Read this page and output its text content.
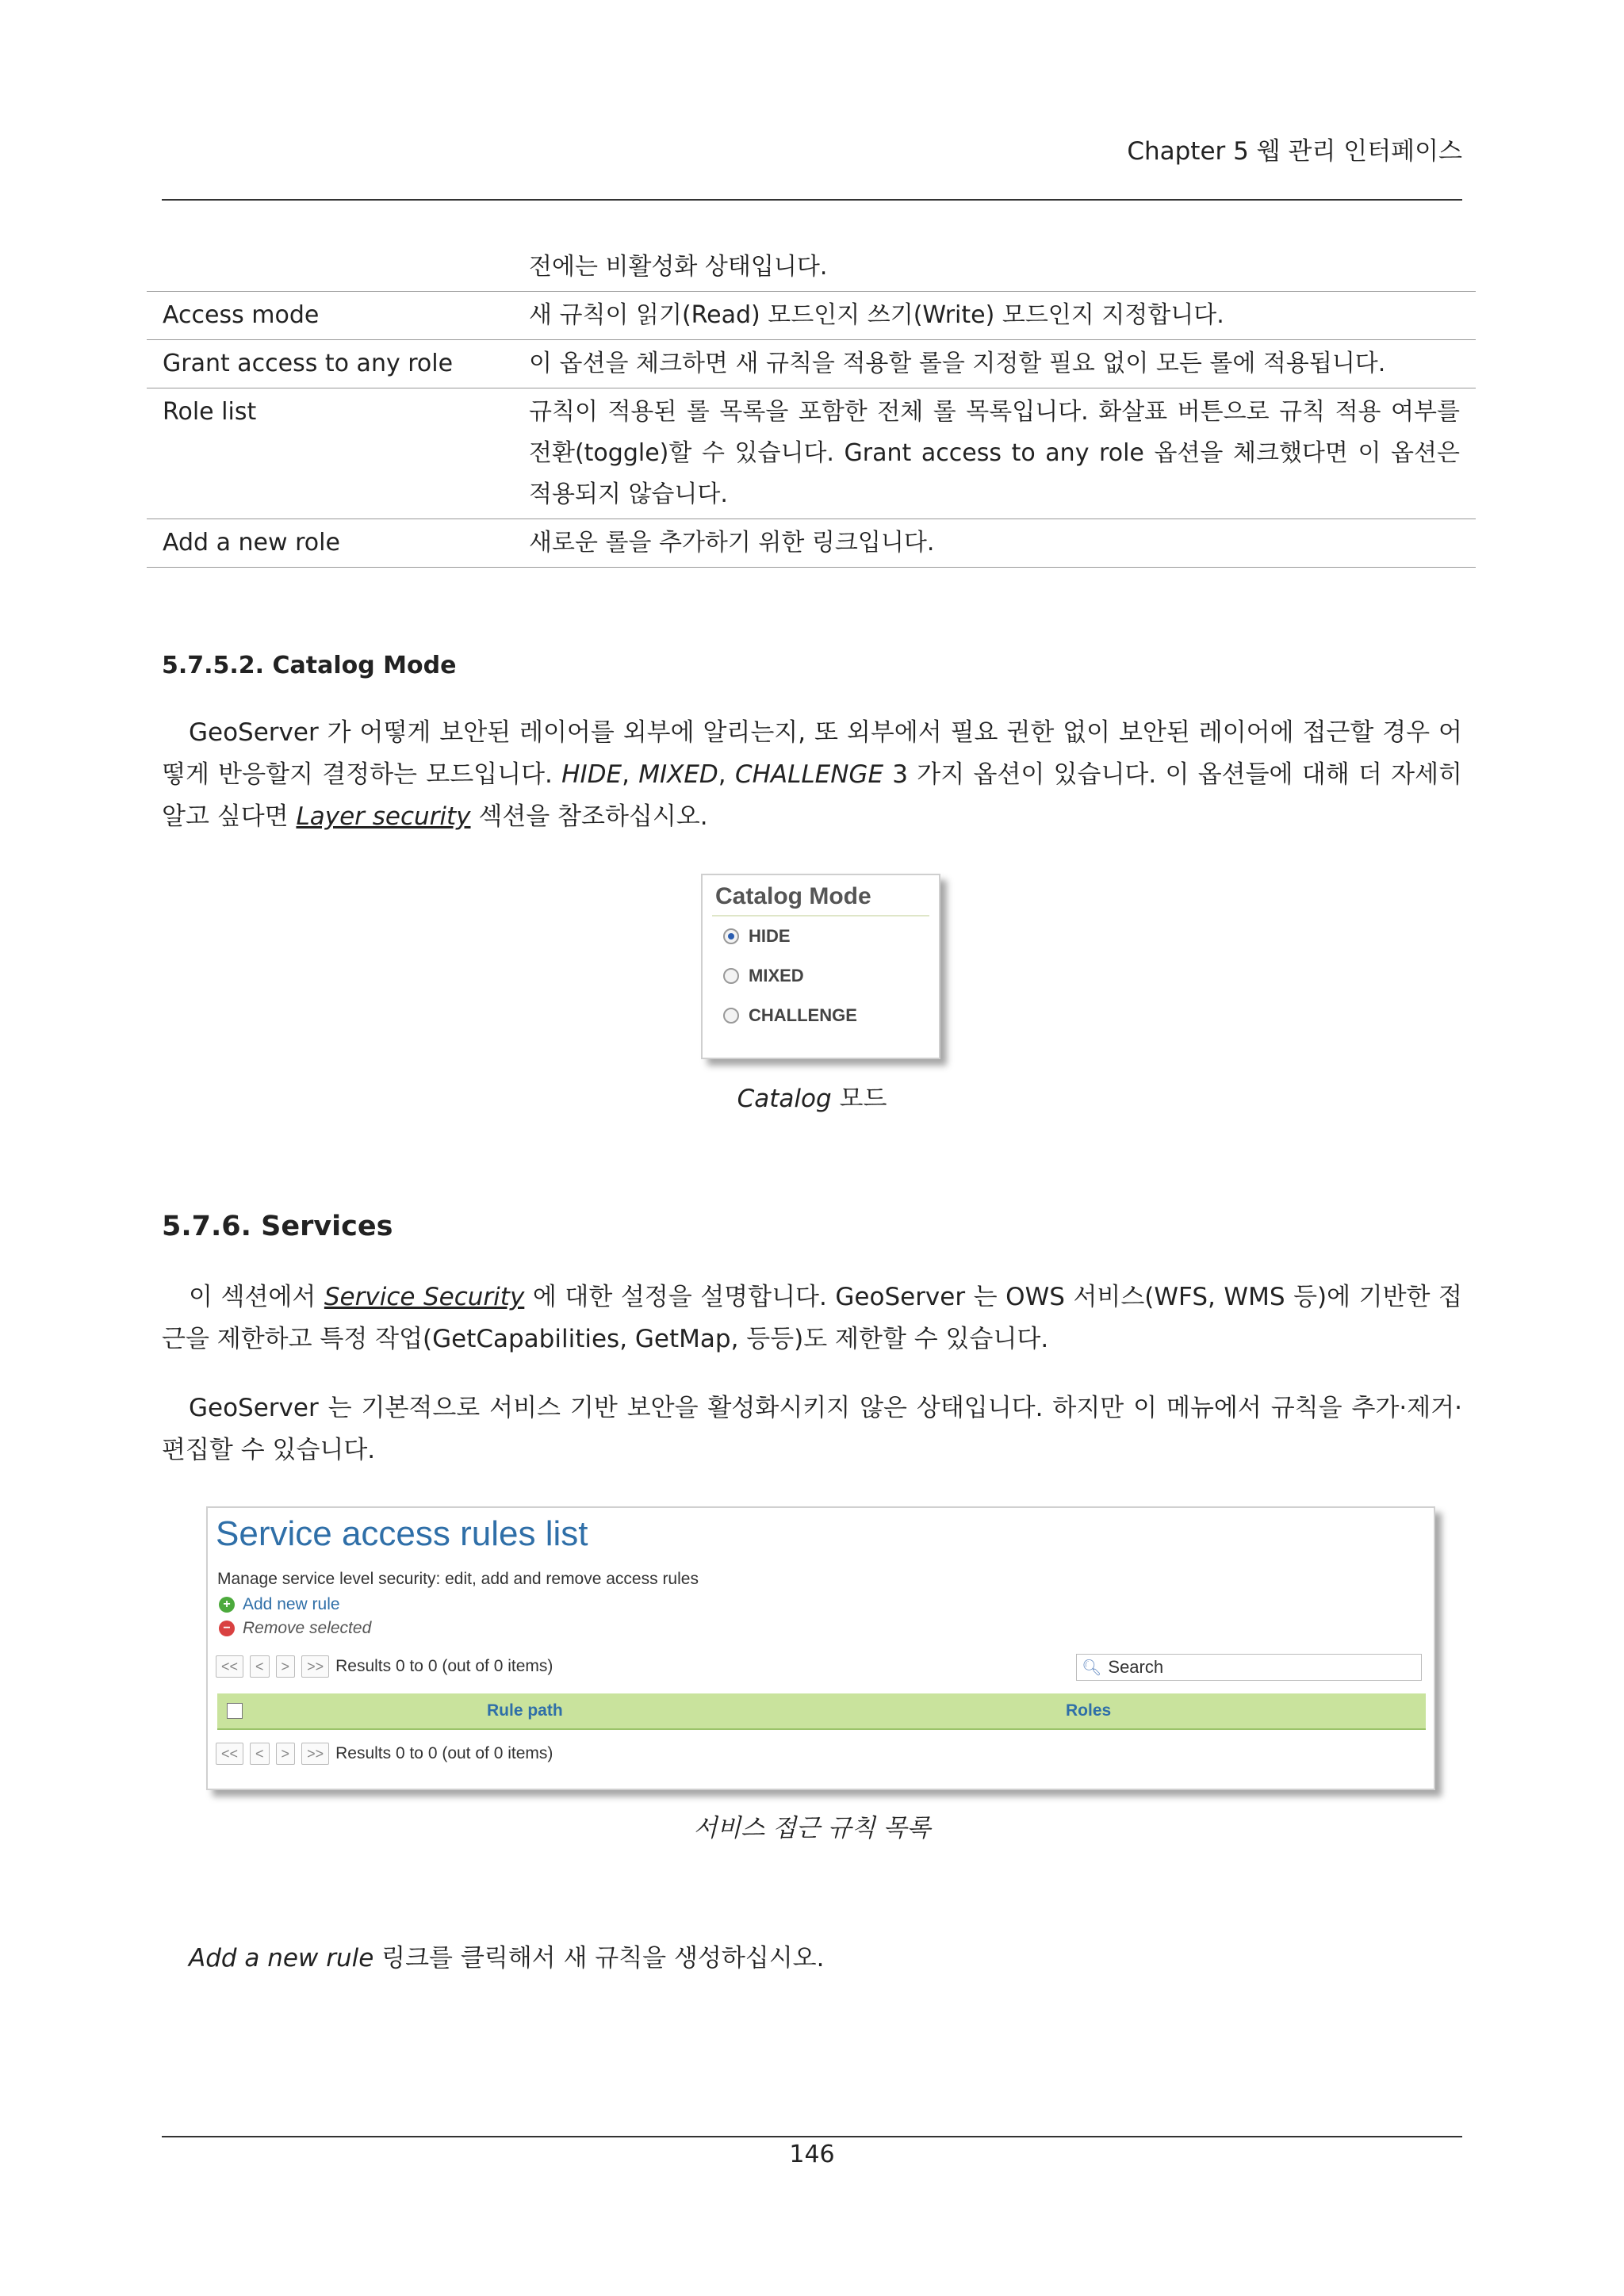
Chapter 5 웹 관리 인터페이스
	전에는 비활성화 상태입니다.
Access mode	새 규칙이 읽기(Read) 모드인지 쓰기(Write) 모드인지 지정합니다.
Grant access to any role	이 옵션을 체크하면 새 규칙을 적용할 롤을 지정할 필요 없이 모든 롤에 적용됩니다.
Role list	규칙이 적용된 롤 목록을 포함한 전체 롤 목록입니다. 화살표 버튼으로 규칙 적용 여부를 전환(toggle)할 수 있습니다. Grant access to any role 옵션을 체크했다면 이 옵션은 적용되지 않습니다.
Add a new role	새로운 롤을 추가하기 위한 링크입니다.
5.7.5.2. Catalog Mode
GeoServer 가 어떻게 보안된 레이어를 외부에 알리는지, 또 외부에서 필요 권한 없이 보안된 레이어에 접근할 경우 어떻게 반응할지 결정하는 모드입니다. HIDE, MIXED, CHALLENGE 3 가지 옵션이 있습니다. 이 옵션들에 대해 더 자세히 알고 싶다면 Layer security 섹션을 참조하십시오.
Catalog Mode
HIDE
MIXED
CHALLENGE
Catalog 모드
5.7.6. Services
이 섹션에서 Service Security 에 대한 설정을 설명합니다. GeoServer 는 OWS 서비스(WFS, WMS 등)에 기반한 접근을 제한하고 특정 작업(GetCapabilities, GetMap, 등등)도 제한할 수 있습니다.
GeoServer 는 기본적으로 서비스 기반 보안을 활성화시키지 않은 상태입니다. 하지만 이 메뉴에서 규칙을 추가·제거·편집할 수 있습니다.
Service access rules list
Manage service level security: edit, add and remove access rules
+ Add new rule
− Remove selected
<<	<	>	>> Results 0 to 0 (out of 0 items)	🔍︎ Search
Rule path	Roles
<<	<	>	>> Results 0 to 0 (out of 0 items)
서비스 접근 규칙 목록
Add a new rule 링크를 클릭해서 새 규칙을 생성하십시오.
146
